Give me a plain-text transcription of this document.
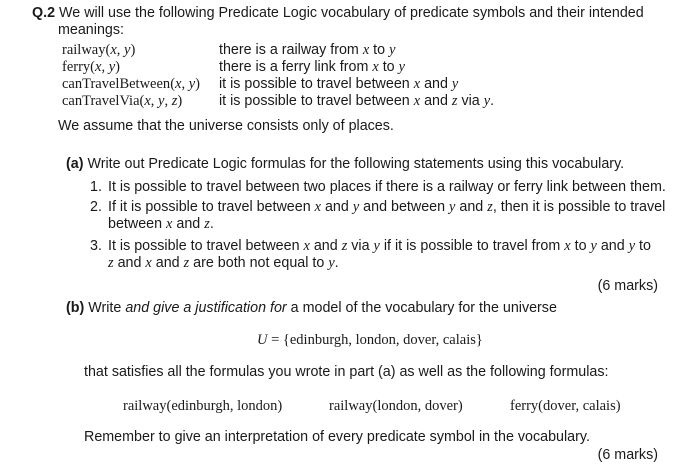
Q.2 We will use the following Predicate Logic vocabulary of predicate symbols and their intended
meanings:
railway(x, y)	there is a railway from x to y
ferry(x, y)	there is a ferry link from x to y
canTravelBetween(x, y) it is possible to travel between x and y
canTravelVia(x, y, z)	it is possible to travel between x and z via y.
We assume that the universe consists only of places.
(a) Write out Predicate Logic formulas for the following statements using this vocabulary.
1. It is possible to travel between two places if there is a railway or ferry link between them.
2. If it is possible to travel between x and y and between y and z, then it is possible to travel
between x and z.
3. It is possible to travel between x and z via y if it is possible to travel from x to y and y to
z and x and z are both not equal to y.
(6 marks)
(b) Write and give a justification for a model of the vocabulary for the universe
U = {edinburgh, london, dover, calais}
that satisfies all the formulas you wrote in part (a) as well as the following formulas:
railway(edinburgh, london)	railway(london, dover)	ferry(dover, calais)
Remember to give an interpretation of every predicate symbol in the vocabulary.
(6 marks)
